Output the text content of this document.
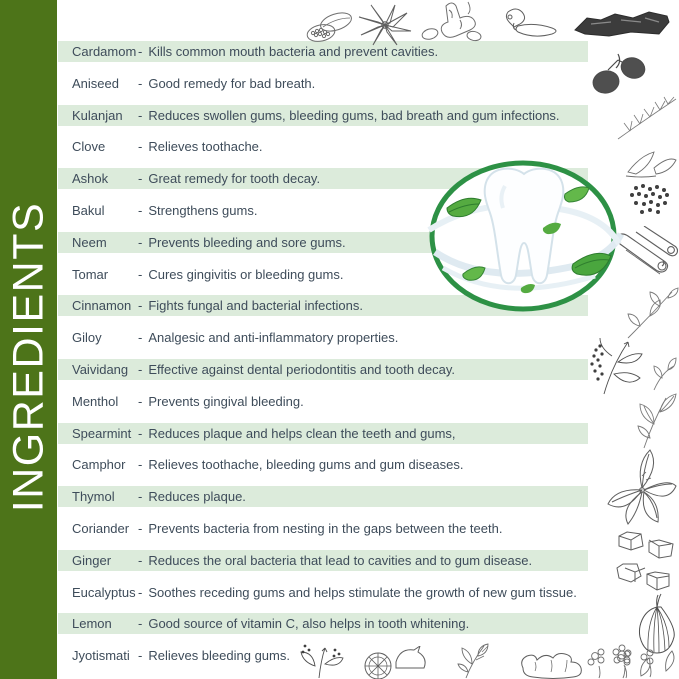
INGREDIENTS
Cardamom - Kills common mouth bacteria and prevent cavities.
Aniseed	- Good remedy for bad breath.
Kulanjan	- Reduces swollen gums, bleeding gums, bad breath and gum infections.
Clove	- Relieves toothache.
Ashok	- Great remedy for tooth decay.
Bakul	- Strengthens gums.
Neem	- Prevents bleeding and sore gums.
Tomar	- Cures gingivitis or bleeding gums.
Cinnamon - Fights fungal and bacterial infections.
Giloy	- Analgesic and anti-inflammatory properties.
Vaividang - Effective against dental periodontitis and tooth decay.
Menthol	- Prevents gingival bleeding.
Spearmint - Reduces plaque and helps clean the teeth and gums,
Camphor - Relieves toothache, bleeding gums and gum diseases.
Thymol	- Reduces plaque.
Coriander - Prevents bacteria from nesting in the gaps between the teeth.
Ginger	- Reduces the oral bacteria that lead to cavities and to gum disease.
Eucalyptus - Soothes receding gums and helps stimulate the growth of new gum tissue.
Lemon	- Good source of vitamin C, also helps in tooth whitening.
Jyotismati - Relieves bleeding gums.
